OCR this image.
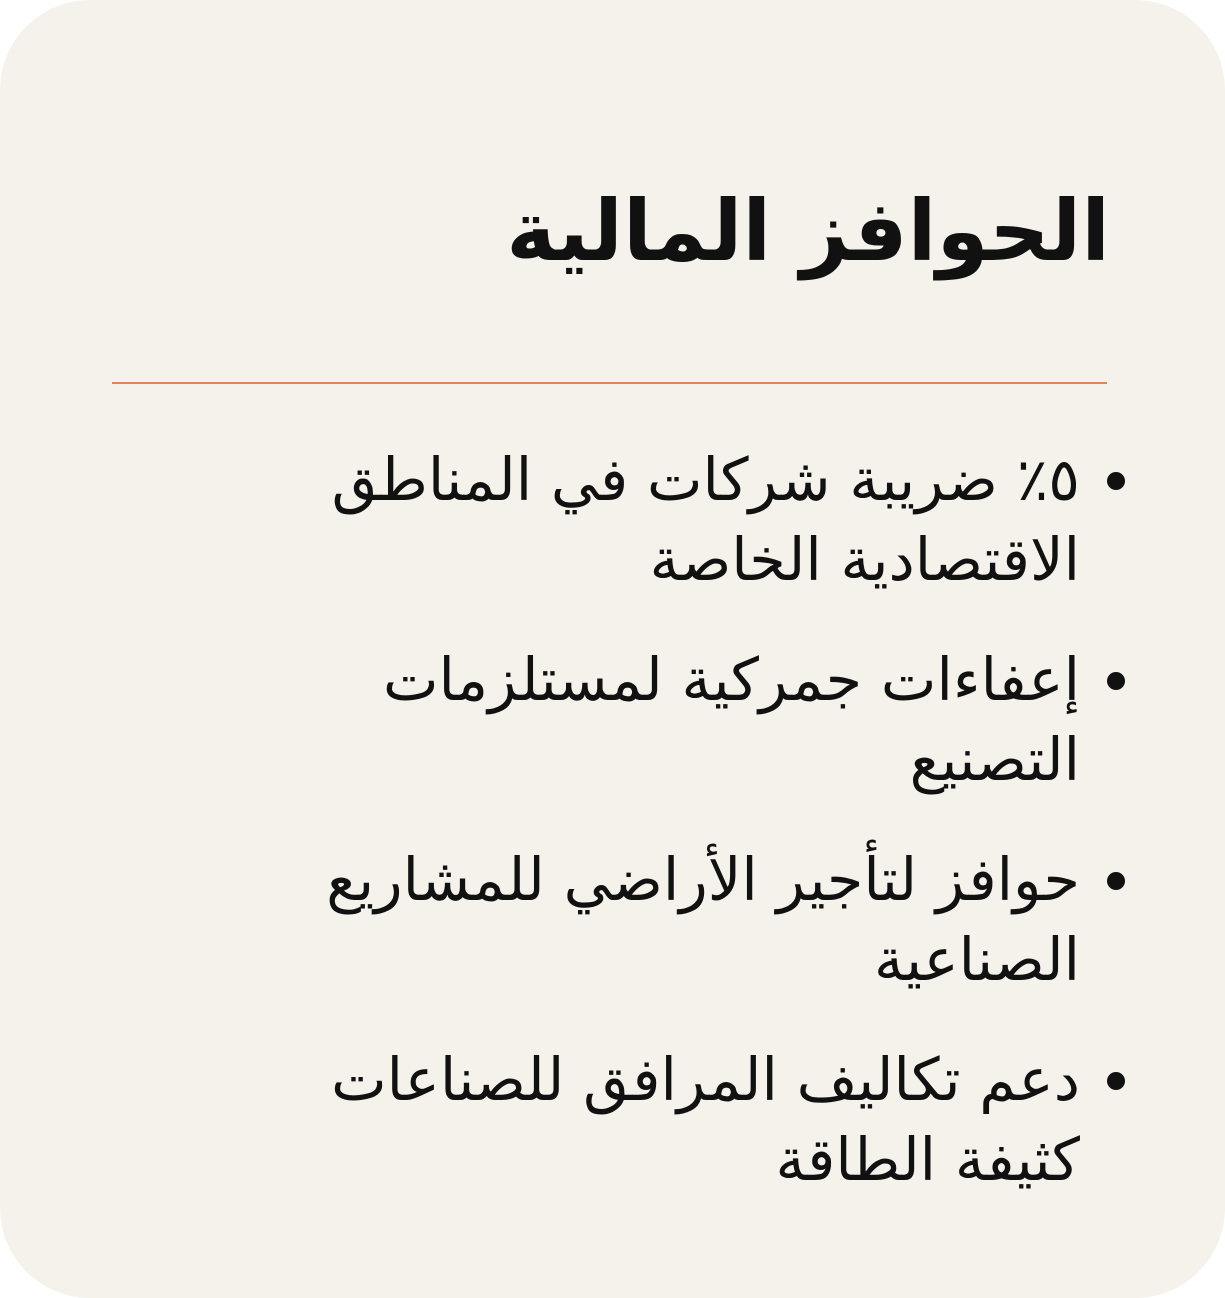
الحوافز المالية
٥٪ ضريبة شركات في المناطق الاقتصادية الخاصة
إعفاءات جمركية لمستلزمات التصنيع
حوافز لتأجير الأراضي للمشاريع الصناعية
دعم تكاليف المرافق للصناعات كثيفة الطاقة
